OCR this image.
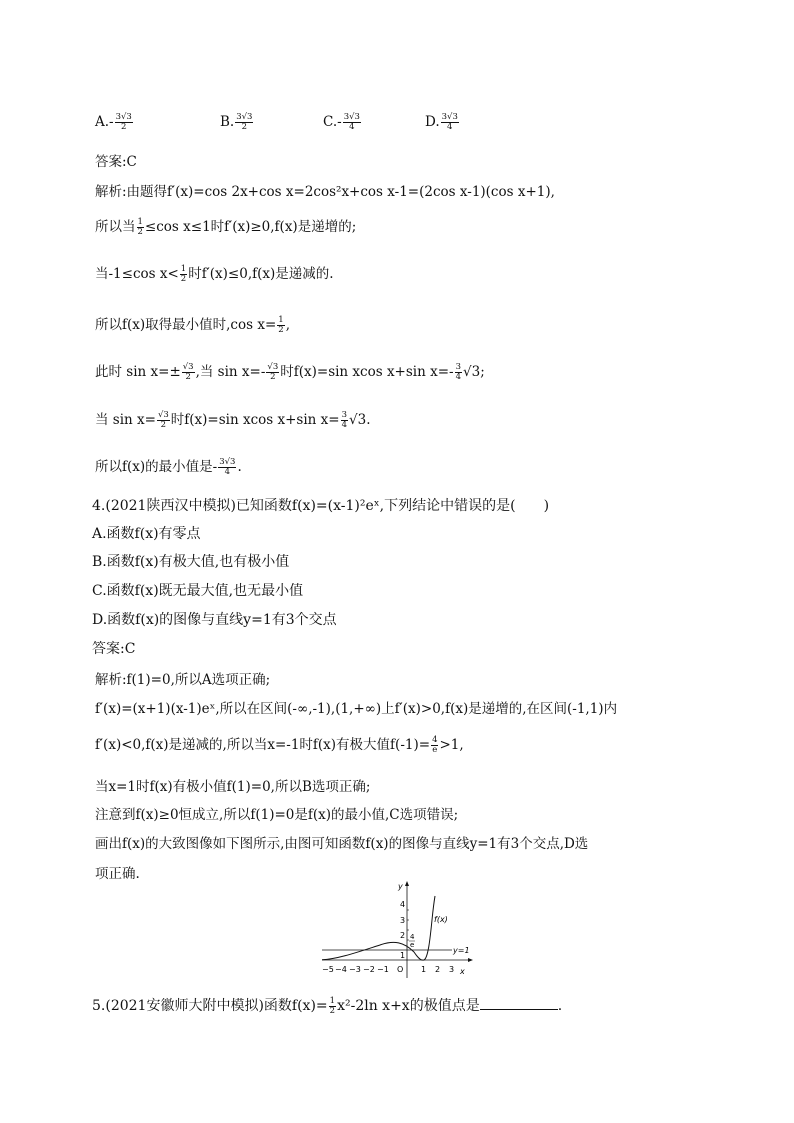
$A.- \frac{3√3}{2}$	B. $\frac{3√3}{2}$	$C.- \frac{3√3}{4}$	D. $\frac{3√3}{4}$
答案:C
解析:由题得f′(x)=cos 2x+cos x=2cos²x+cos x-1=(2cos x-1)(cos x+1),
所以当 $\frac{1}{2} \le\cos$ x≤1时f′(x)≥0,f(x)是递增的;
当-1≤cos $x< \frac{1}{2}$ 时f′(x)≤0,f(x)是递减的.
所以f(x)取得最小值时,cos $x= \frac{1}{2}$ ,
此时 $\sin x=\pm \frac{√3}{2}$ ,当 $\sin x=- \frac{√3}{2}$ 时f(x)=sin xcos x+sin $x=- \frac{3}{4} √3$;
当 $\sin x= \frac{√3}{2}$ 时f(x)=sin xcos x+sin $x= \frac{3}{4} √3$.
所以f(x)的最小值是- $\frac{3√3}{4}$ .
4.(2021陕西汉中模拟)已知函数f(x)=(x-1)²eˣ,下列结论中错误的是(　　)
A.函数f(x)有零点
B.函数f(x)有极大值,也有极小值
C.函数f(x)既无最大值,也无最小值
D.函数f(x)的图像与直线y=1有3个交点
答案:C
解析:f(1)=0,所以A选项正确;
f′(x)=(x+1)(x-1)eˣ,所以在区间(-∞,-1),(1,+∞)上f′(x)>0,f(x)是递增的,在区间(-1,1)内
f′(x)<0,f(x)是递减的,所以当x=-1时f(x)有极大值$f(-1)= \frac{4}{e} >1$,
当x=1时f(x)有极小值f(1)=0,所以B选项正确;
注意到f(x)≥0恒成立,所以f(1)=0是f(x)的最小值,C选项错误;
画出f(x)的大致图像如下图所示,由图可知函数f(x)的图像与直线y=1有3个交点,D选
项正确.
y
x
y=1
4
3
2
1
4
e
−5 −4 −3 −2 −1 O 1 2 3
f(x)
5.(2021安徽师大附中模拟)函数$f(x)= \frac{1}{2} x^2-2\ln$ x+x的极值点是	.
